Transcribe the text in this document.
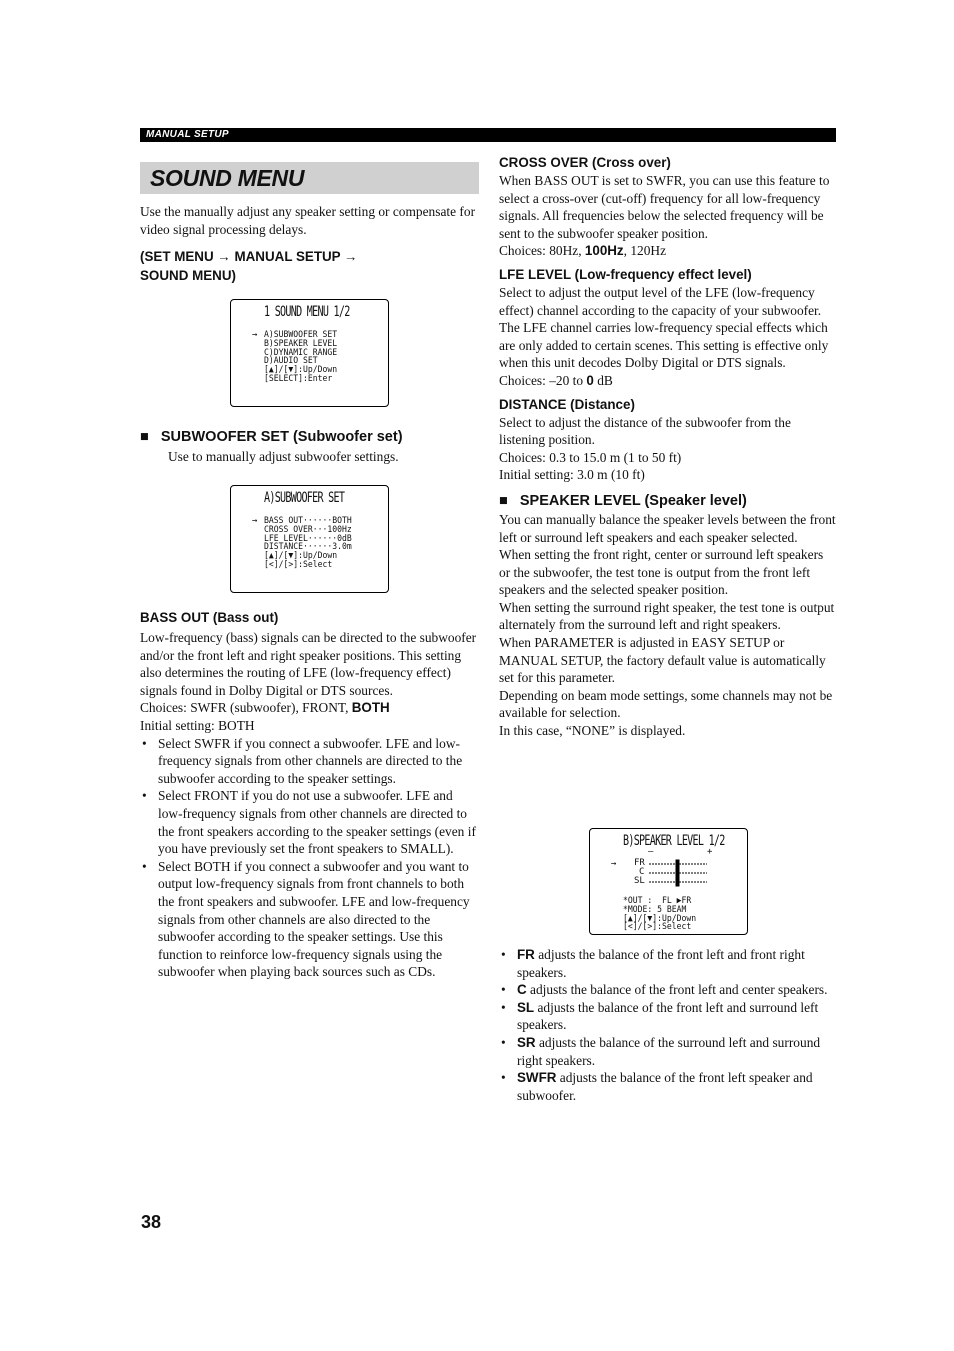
MANUAL SETUP
SOUND MENU

Use the manually adjust any speaker setting or compensate for video signal processing delays.

(SET MENU → MANUAL SETUP →

SOUND MENU)

1 SOUND MENU 1/2
→ A)SUBWOOFER SET
B)SPEAKER LEVEL
C)DYNAMIC RANGE
D)AUDIO SET
[▲]/[▼]:Up/Down
[SELECT]:Enter

■ SUBWOOFER SET (Subwoofer set)

Use to manually adjust subwoofer settings.

A)SUBWOOFER SET
→ BASS OUT······BOTH
CROSS OVER···100Hz
LFE LEVEL······0dB
DISTANCE······3.0m
[▲]/[▼]:Up/Down
[<]/[>]:Select

BASS OUT (Bass out)

Low-frequency (bass) signals can be directed to the subwoofer and/or the front left and right speaker positions. This setting also determines the routing of LFE (low-frequency effect) signals found in Dolby Digital or DTS sources.

Choices: SWFR (subwoofer), FRONT, BOTH

Initial setting: BOTH

• Select SWFR if you connect a subwoofer. LFE and low-frequency signals from other channels are directed to the subwoofer according to the speaker settings.
• Select FRONT if you do not use a subwoofer. LFE and low-frequency signals from other channels are directed to the front speakers according to the speaker settings (even if you have previously set the front speakers to SMALL).
• Select BOTH if you connect a subwoofer and you want to output low-frequency signals from front channels to both the front speakers and subwoofer. LFE and low-frequency signals from other channels are also directed to the subwoofer according to the speaker settings. Use this function to reinforce low-frequency signals using the subwoofer when playing back sources such as CDs.

CROSS OVER (Cross over)

When BASS OUT is set to SWFR, you can use this feature to select a cross-over (cut-off) frequency for all low-frequency signals. All frequencies below the selected frequency will be sent to the subwoofer speaker position.

Choices: 80Hz, 100Hz, 120Hz

LFE LEVEL (Low-frequency effect level)

Select to adjust the output level of the LFE (low-frequency effect) channel according to the capacity of your subwoofer. The LFE channel carries low-frequency special effects which are only added to certain scenes. This setting is effective only when this unit decodes Dolby Digital or DTS signals.

Choices: –20 to 0 dB

DISTANCE (Distance)

Select to adjust the distance of the subwoofer from the listening position.

Choices: 0.3 to 15.0 m (1 to 50 ft)

Initial setting: 3.0 m (10 ft)

■ SPEAKER LEVEL (Speaker level)

You can manually balance the speaker levels between the front left or surround left speakers and each speaker selected.

When setting the front right, center or surround left speakers or the subwoofer, the test tone is output from the front left speakers and the selected speaker position.

When setting the surround right speaker, the test tone is output alternately from the surround left and right speakers.

When PARAMETER is adjusted in EASY SETUP or MANUAL SETUP, the factory default value is automatically set for this parameter.

Depending on beam mode settings, some channels may not be available for selection.

In this case, “NONE” is displayed.

B)SPEAKER LEVEL 1/2
–	+
→ FR
C
SL
*OUT :  FL ▶FR
*MODE: 5 BEAM
[▲]/[▼]:Up/Down
[<]/[>]:Select
• FR adjusts the balance of the front left and front right speakers.
• C adjusts the balance of the front left and center speakers.
• SL adjusts the balance of the front left and surround left speakers.
• SR adjusts the balance of the surround left and surround right speakers.
• SWFR adjusts the balance of the front left speaker and subwoofer.
38
